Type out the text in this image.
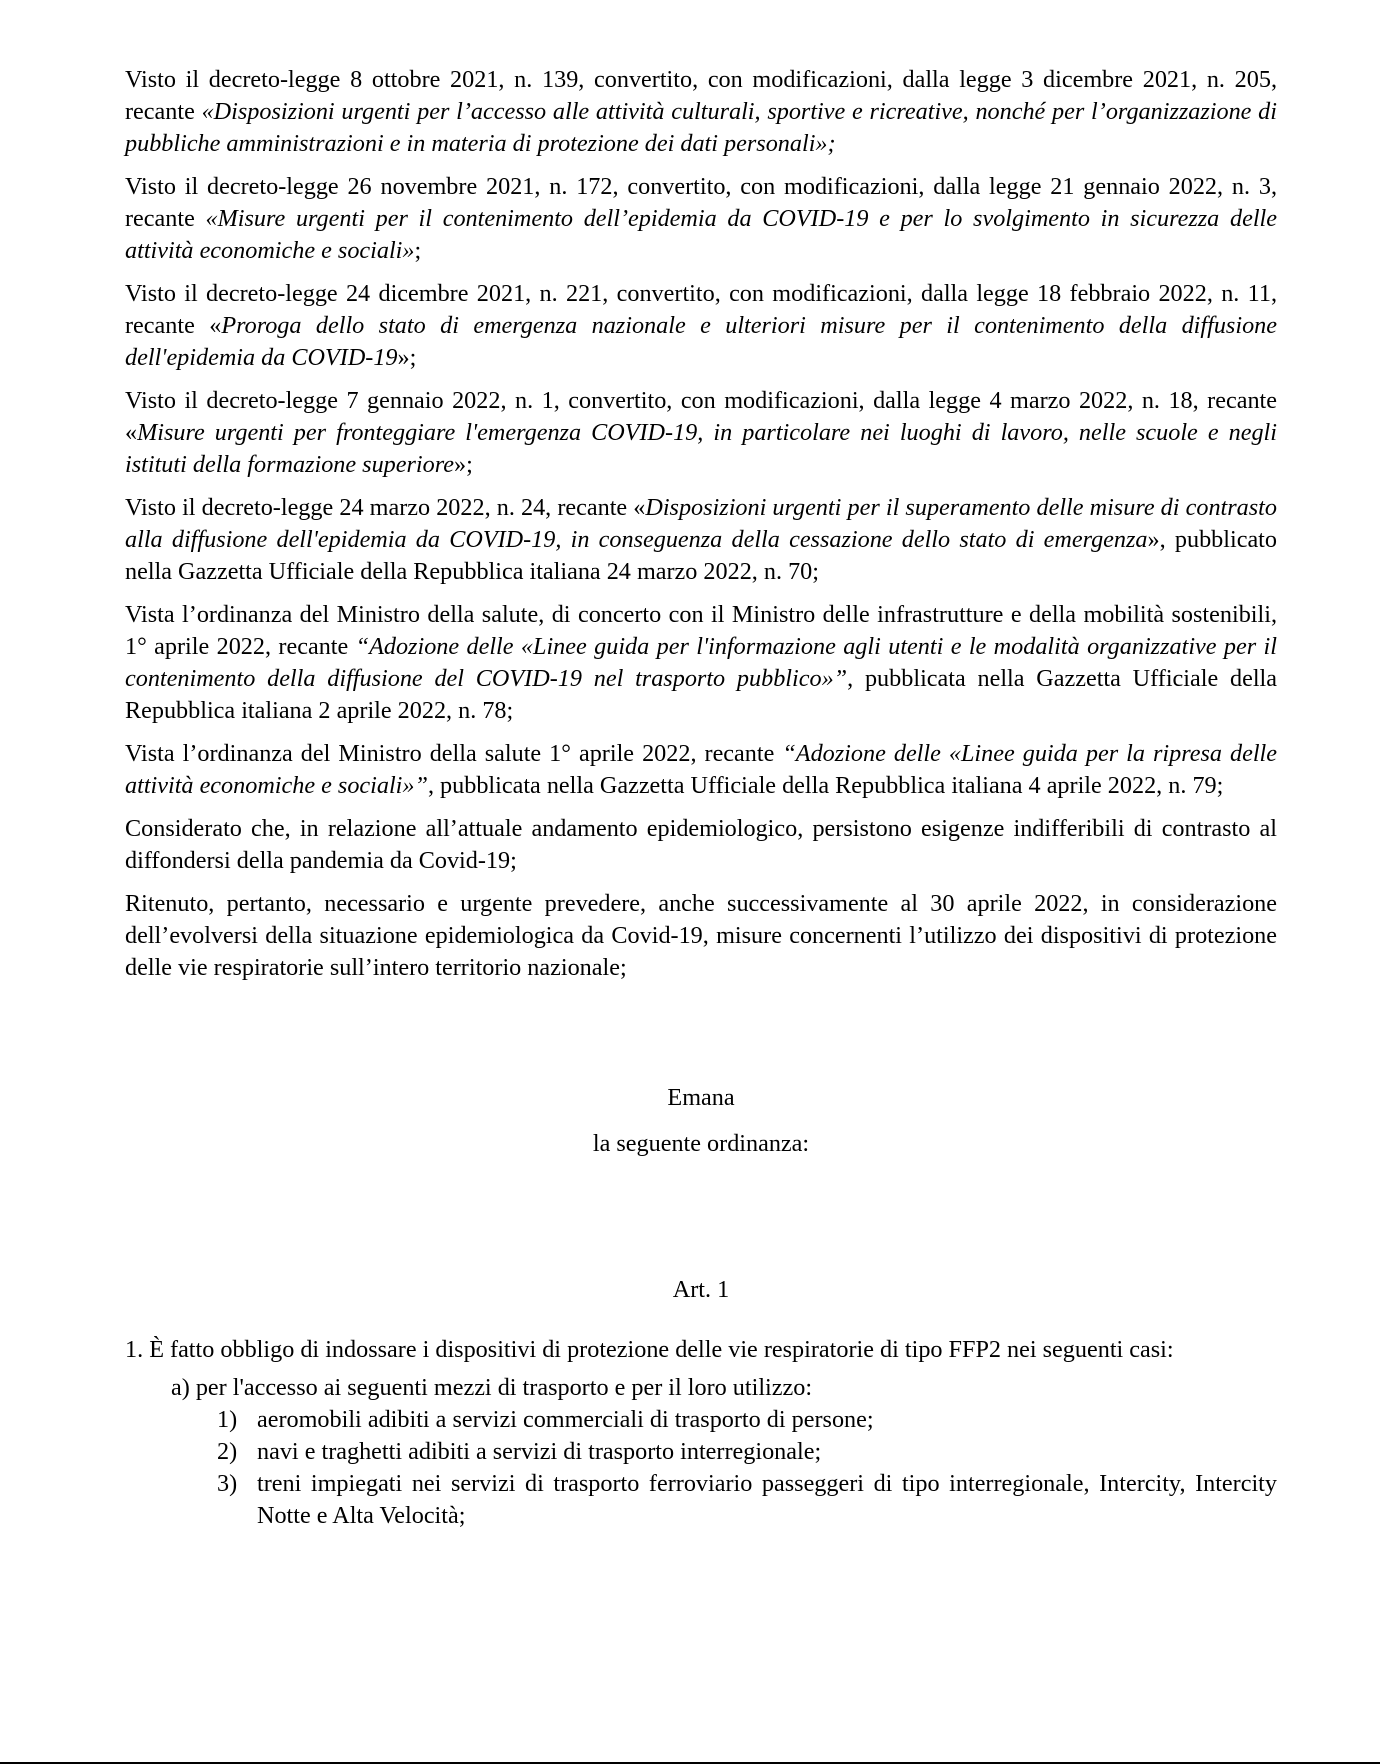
Visto il decreto-legge 8 ottobre 2021, n. 139, convertito, con modificazioni, dalla legge 3 dicembre 2021, n. 205, recante «Disposizioni urgenti per l’accesso alle attività culturali, sportive e ricreative, nonché per l’organizzazione di pubbliche amministrazioni e in materia di protezione dei dati personali»;

Visto il decreto-legge 26 novembre 2021, n. 172, convertito, con modificazioni, dalla legge 21 gennaio 2022, n. 3, recante «Misure urgenti per il contenimento dell’epidemia da COVID-19 e per lo svolgimento in sicurezza delle attività economiche e sociali»;

Visto il decreto-legge 24 dicembre 2021, n. 221, convertito, con modificazioni, dalla legge 18 febbraio 2022, n. 11, recante «Proroga dello stato di emergenza nazionale e ulteriori misure per il contenimento della diffusione dell'epidemia da COVID-19»;

Visto il decreto-legge 7 gennaio 2022, n. 1, convertito, con modificazioni, dalla legge 4 marzo 2022, n. 18, recante «Misure urgenti per fronteggiare l'emergenza COVID-19, in particolare nei luoghi di lavoro, nelle scuole e negli istituti della formazione superiore»;

Visto il decreto-legge 24 marzo 2022, n. 24, recante «Disposizioni urgenti per il superamento delle misure di contrasto alla diffusione dell'epidemia da COVID-19, in conseguenza della cessazione dello stato di emergenza», pubblicato nella Gazzetta Ufficiale della Repubblica italiana 24 marzo 2022, n. 70;

Vista l’ordinanza del Ministro della salute, di concerto con il Ministro delle infrastrutture e della mobilità sostenibili, 1° aprile 2022, recante “Adozione delle «Linee guida per l'informazione agli utenti e le modalità organizzative per il contenimento della diffusione del COVID-19 nel trasporto pubblico»”, pubblicata nella Gazzetta Ufficiale della Repubblica italiana 2 aprile 2022, n. 78;

Vista l’ordinanza del Ministro della salute 1° aprile 2022, recante “Adozione delle «Linee guida per la ripresa delle attività economiche e sociali»”, pubblicata nella Gazzetta Ufficiale della Repubblica italiana 4 aprile 2022, n. 79;

Considerato che, in relazione all’attuale andamento epidemiologico, persistono esigenze indifferibili di contrasto al diffondersi della pandemia da Covid-19;

Ritenuto, pertanto, necessario e urgente prevedere, anche successivamente al 30 aprile 2022, in considerazione dell’evolversi della situazione epidemiologica da Covid-19, misure concernenti l’utilizzo dei dispositivi di protezione delle vie respiratorie sull’intero territorio nazionale;

Emana

la seguente ordinanza:

Art. 1

1. È fatto obbligo di indossare i dispositivi di protezione delle vie respiratorie di tipo FFP2 nei seguenti casi:

a) per l'accesso ai seguenti mezzi di trasporto e per il loro utilizzo:

1) aeromobili adibiti a servizi commerciali di trasporto di persone;
2) navi e traghetti adibiti a servizi di trasporto interregionale;
3) treni impiegati nei servizi di trasporto ferroviario passeggeri di tipo interregionale, Intercity, Intercity Notte e Alta Velocità;
